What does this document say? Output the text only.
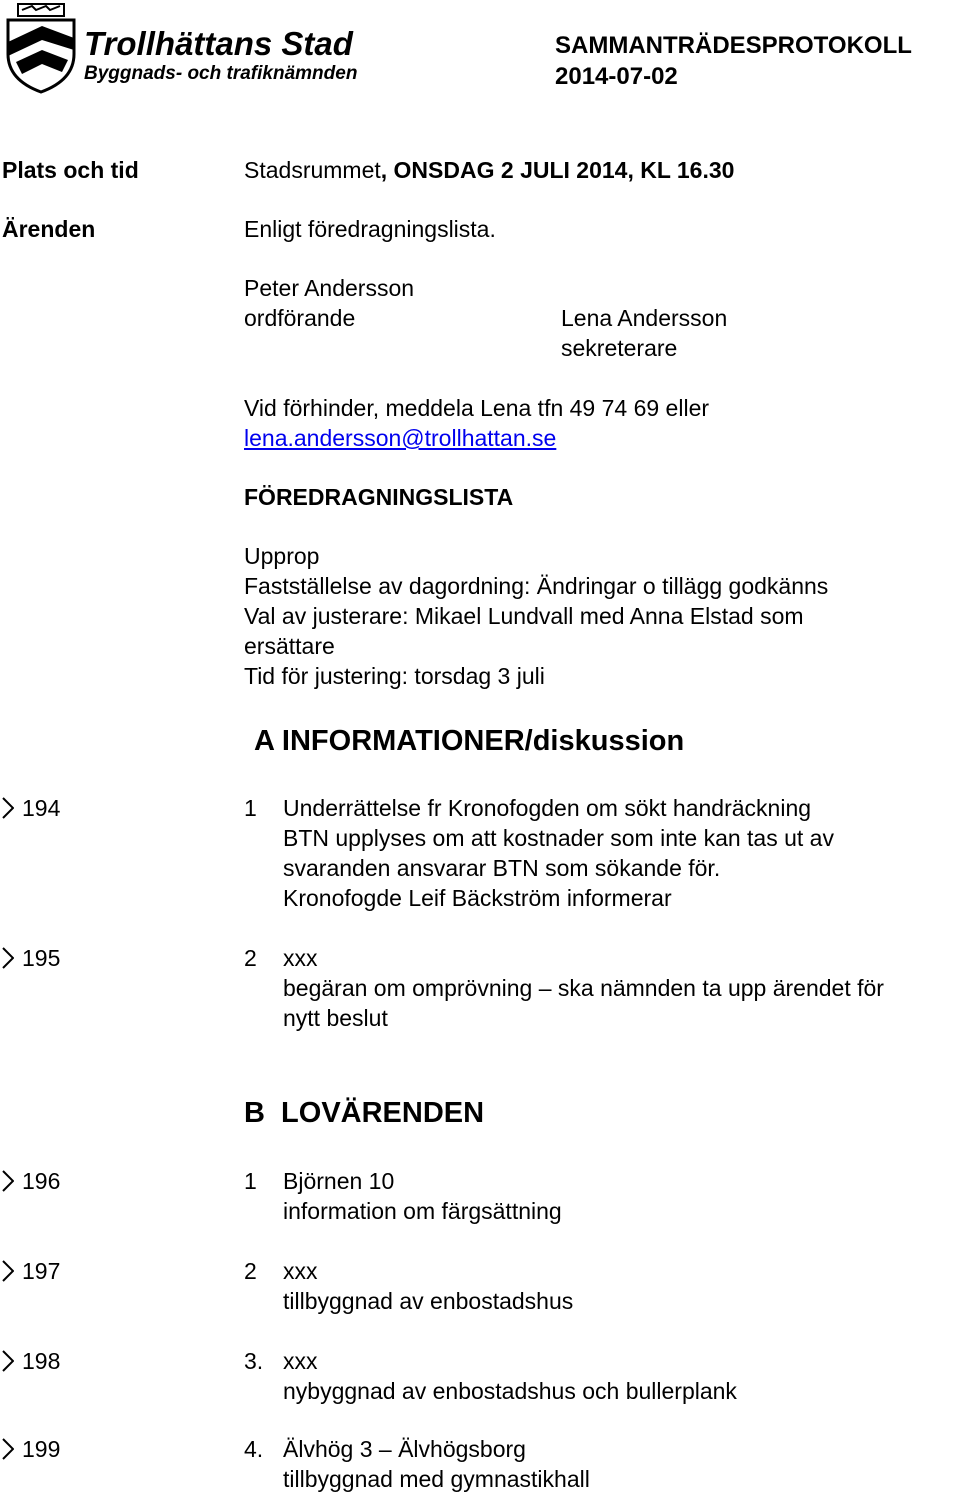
Trollhättans Stad
Byggnads- och trafiknämnden
SAMMANTRÄDESPROTOKOLL
2014-07-02
Plats och tid	Stadsrummet, ONSDAG 2 JULI 2014, KL 16.30
Ärenden	Enligt föredragningslista.
Peter Andersson
ordförande	Lena Andersson
sekreterare
Vid förhinder, meddela Lena tfn 49 74 69 eller
lena.andersson@trollhattan.se
FÖREDRAGNINGSLISTA
Upprop
Fastställelse av dagordning: Ändringar o tillägg godkänns
Val av justerare: Mikael Lundvall med Anna Elstad som
ersättare
Tid för justering: torsdag 3 juli
A INFORMATIONER/diskussion
194	1 Underrättelse fr Kronofogden om sökt handräckning
BTN upplyses om att kostnader som inte kan tas ut av
svaranden ansvarar BTN som sökande för.
Kronofogde Leif Bäckström informerar
195	2 xxx
begäran om omprövning – ska nämnden ta upp ärendet för
nytt beslut
B  LOVÄRENDEN
196	1 Björnen 10
information om färgsättning
197	2 xxx
tillbyggnad av enbostadshus
198	3. xxx
nybyggnad av enbostadshus och bullerplank
199	4. Älvhög 3 – Älvhögsborg
tillbyggnad med gymnastikhall
